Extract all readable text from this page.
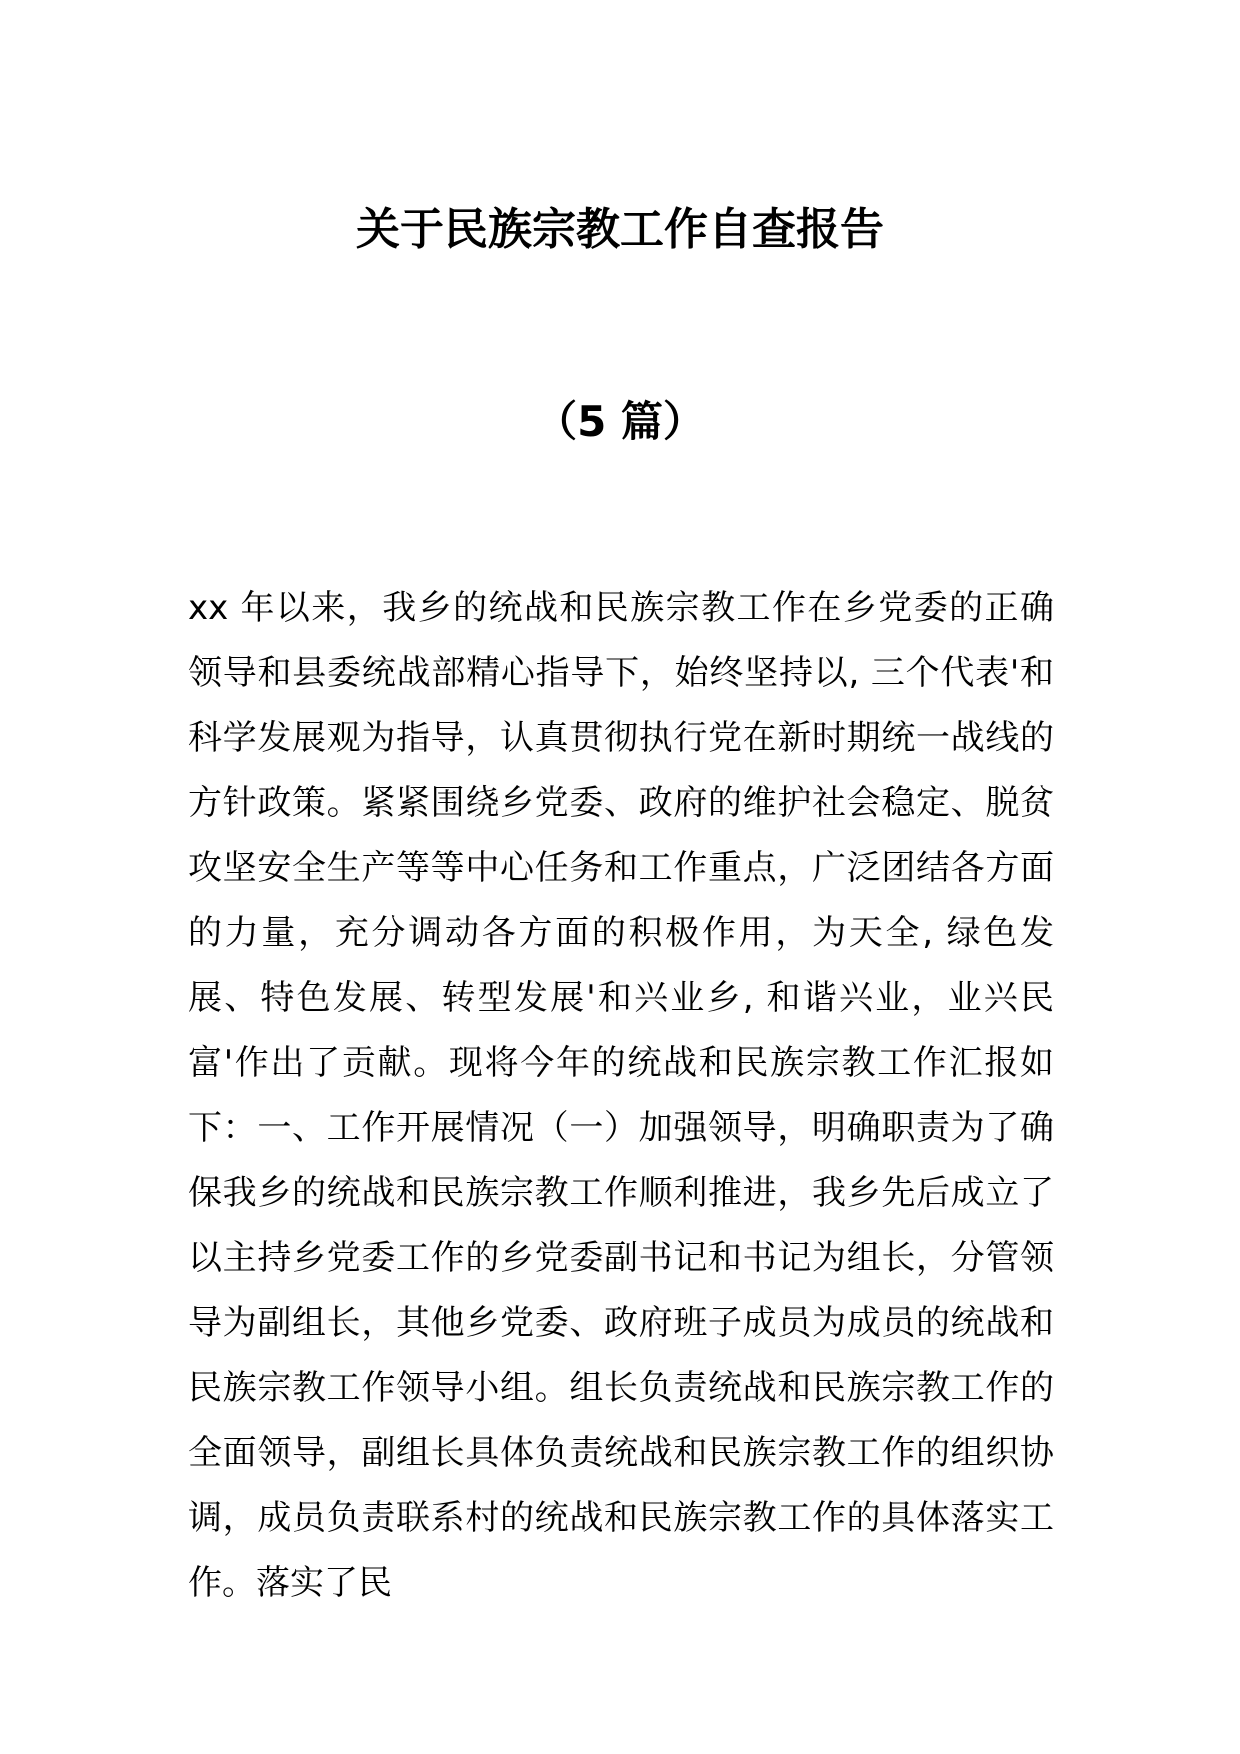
关于民族宗教工作自查报告
（5 篇）

xx 年以来，我乡的统战和民族宗教工作在乡党委的正确领导和县委统战部精心指导下，始终坚持以, 三个代表'和科学发展观为指导，认真贯彻执行党在新时期统一战线的方针政策。紧紧围绕乡党委、政府的维护社会稳定、脱贫攻坚安全生产等等中心任务和工作重点，广泛团结各方面的力量，充分调动各方面的积极作用，为天全, 绿色发展、特色发展、转型发展'和兴业乡, 和谐兴业，业兴民富'作出了贡献。现将今年的统战和民族宗教工作汇报如下：一、工作开展情况（一）加强领导，明确职责为了确保我乡的统战和民族宗教工作顺利推进，我乡先后成立了以主持乡党委工作的乡党委副书记和书记为组长，分管领导为副组长，其他乡党委、政府班子成员为成员的统战和民族宗教工作领导小组。组长负责统战和民族宗教工作的全面领导，副组长具体负责统战和民族宗教工作的组织协调，成员负责联系村的统战和民族宗教工作的具体落实工作。落实了民
